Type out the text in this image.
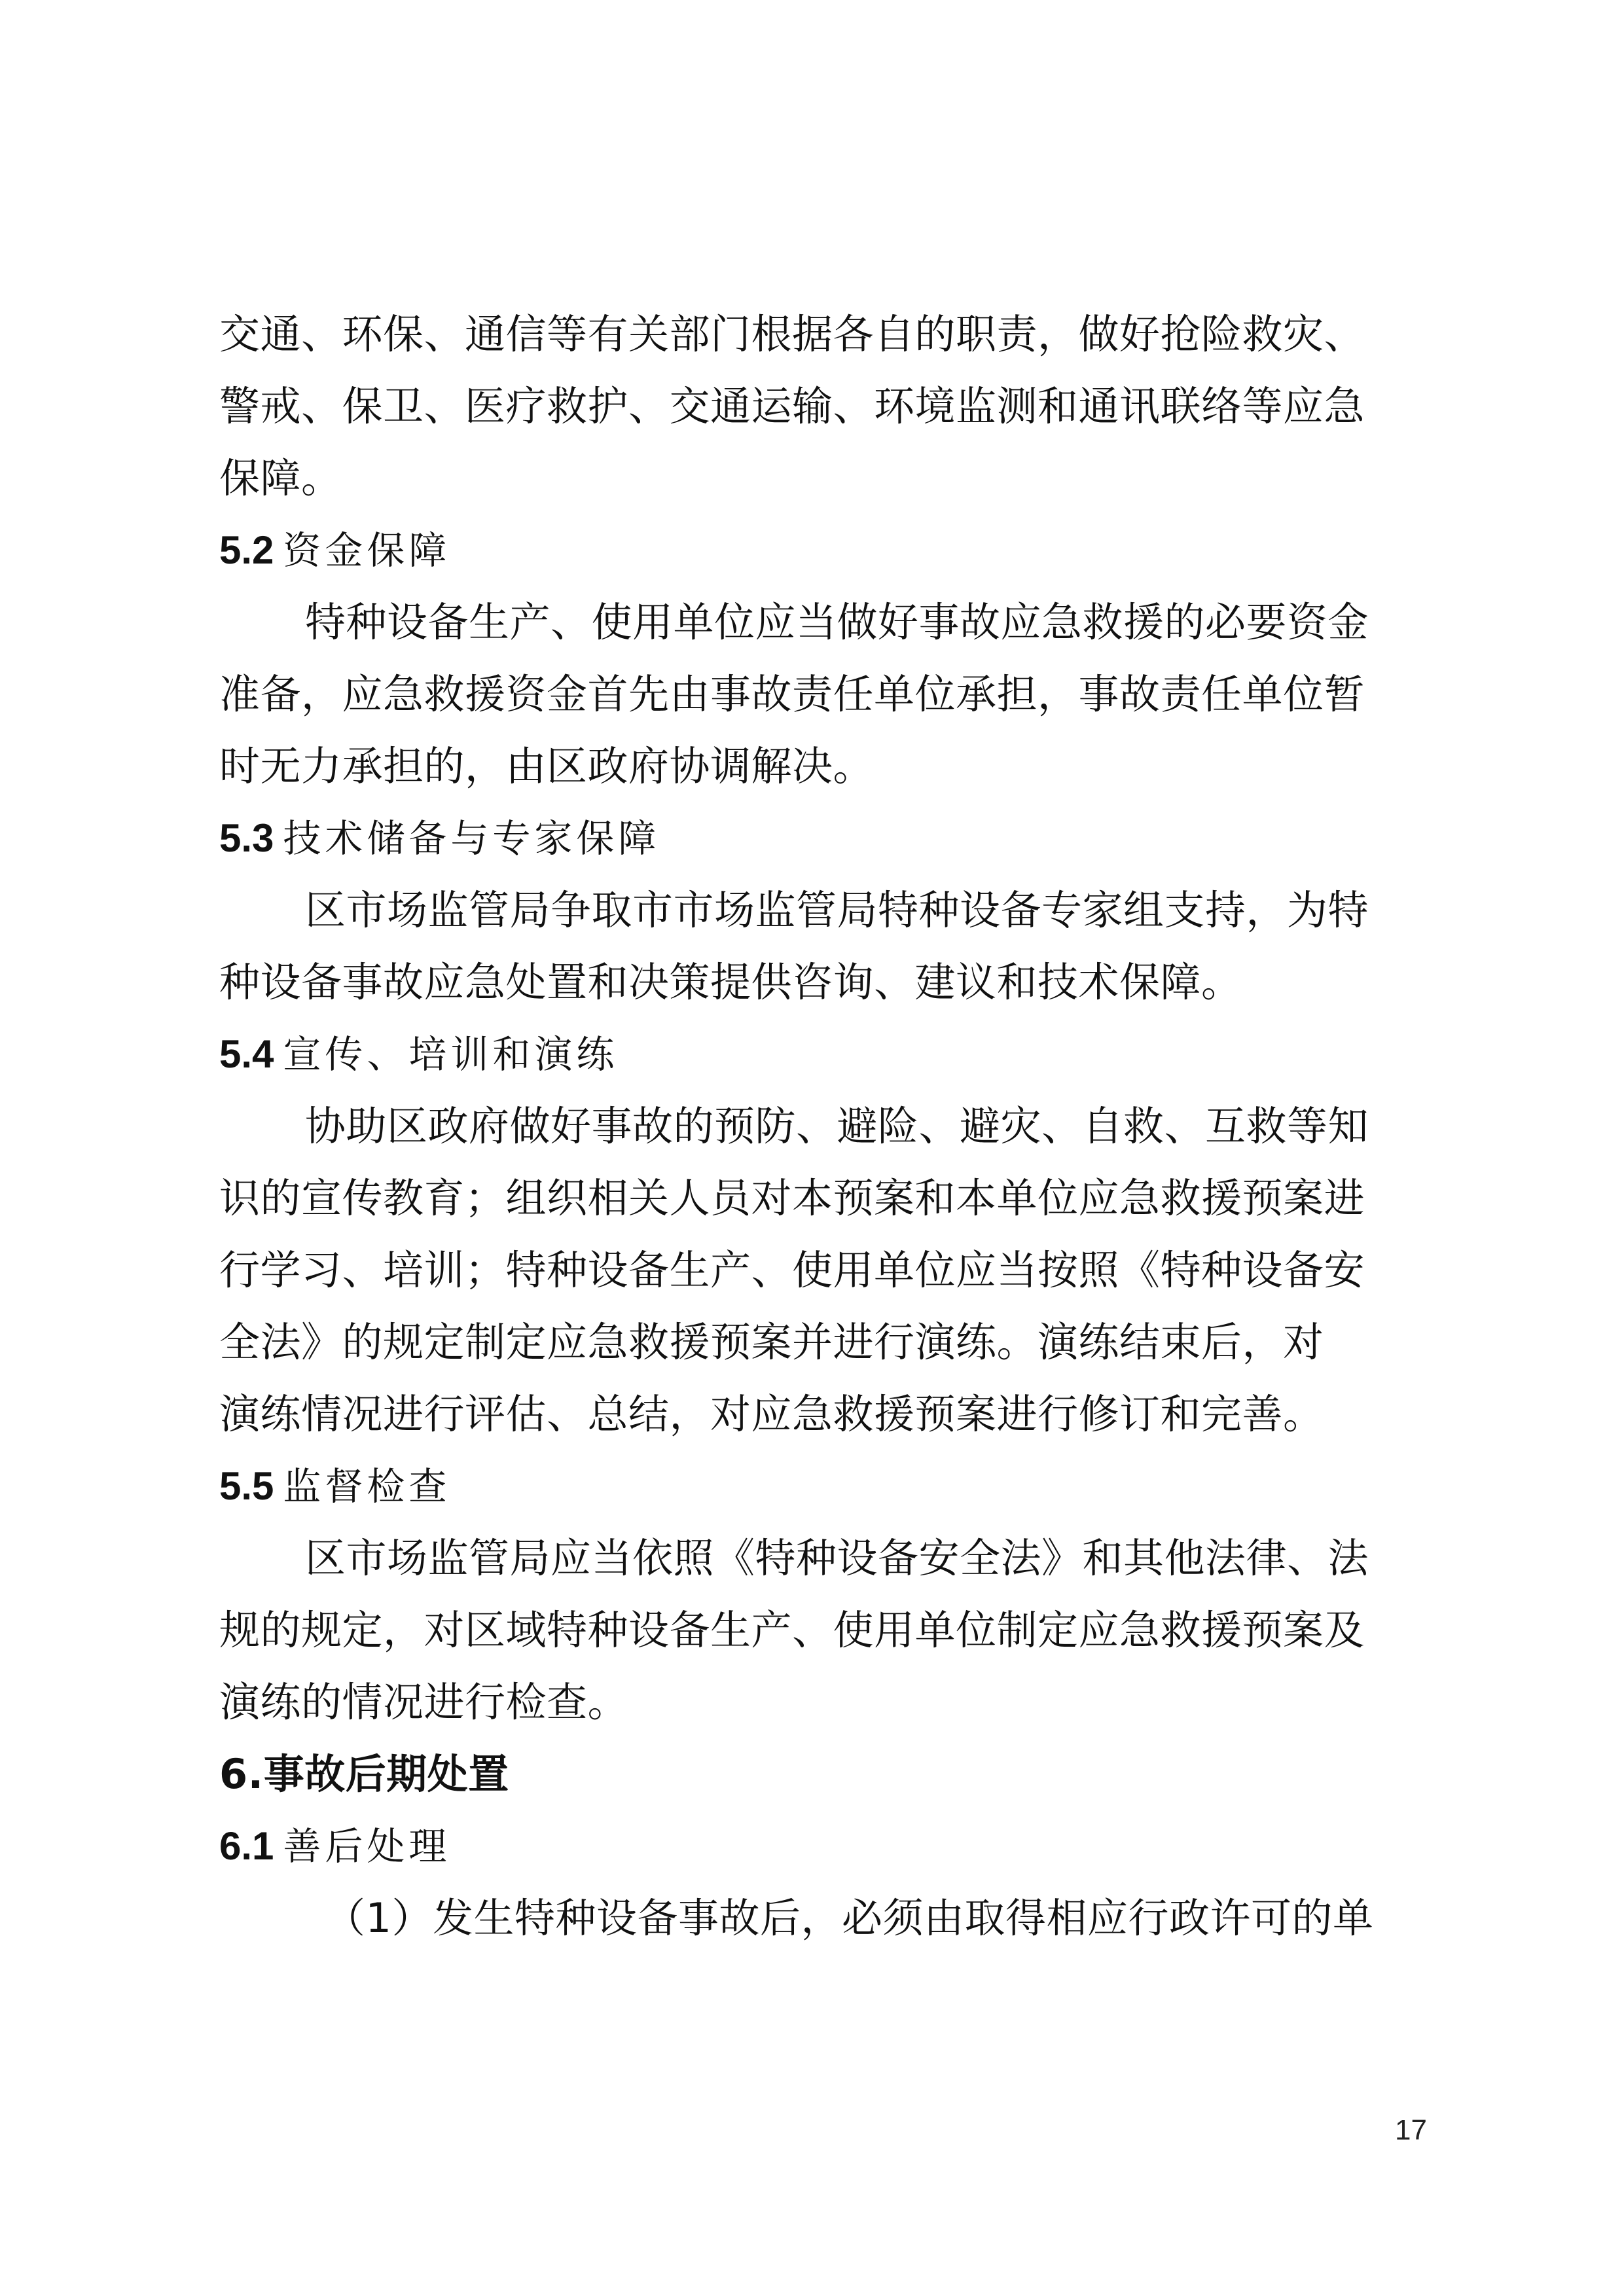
交通、环保、通信等有关部门根据各自的职责，做好抢险救灾、
警戒、保卫、医疗救护、交通运输、环境监测和通讯联络等应急
保障。
5.2 资金保障
特种设备生产、使用单位应当做好事故应急救援的必要资金
准备，应急救援资金首先由事故责任单位承担，事故责任单位暂
时无力承担的，由区政府协调解决。
5.3 技术储备与专家保障
区市场监管局争取市市场监管局特种设备专家组支持，为特
种设备事故应急处置和决策提供咨询、建议和技术保障。
5.4 宣传、培训和演练
协助区政府做好事故的预防、避险、避灾、自救、互救等知
识的宣传教育；组织相关人员对本预案和本单位应急救援预案进
行学习、培训；特种设备生产、使用单位应当按照《特种设备安
全法》的规定制定应急救援预案并进行演练。演练结束后，对
演练情况进行评估、总结，对应急救援预案进行修订和完善。
5.5 监督检查
区市场监管局应当依照《特种设备安全法》和其他法律、法
规的规定，对区域特种设备生产、使用单位制定应急救援预案及
演练的情况进行检查。
6.事故后期处置
6.1 善后处理
（1）发生特种设备事故后，必须由取得相应行政许可的单
17
